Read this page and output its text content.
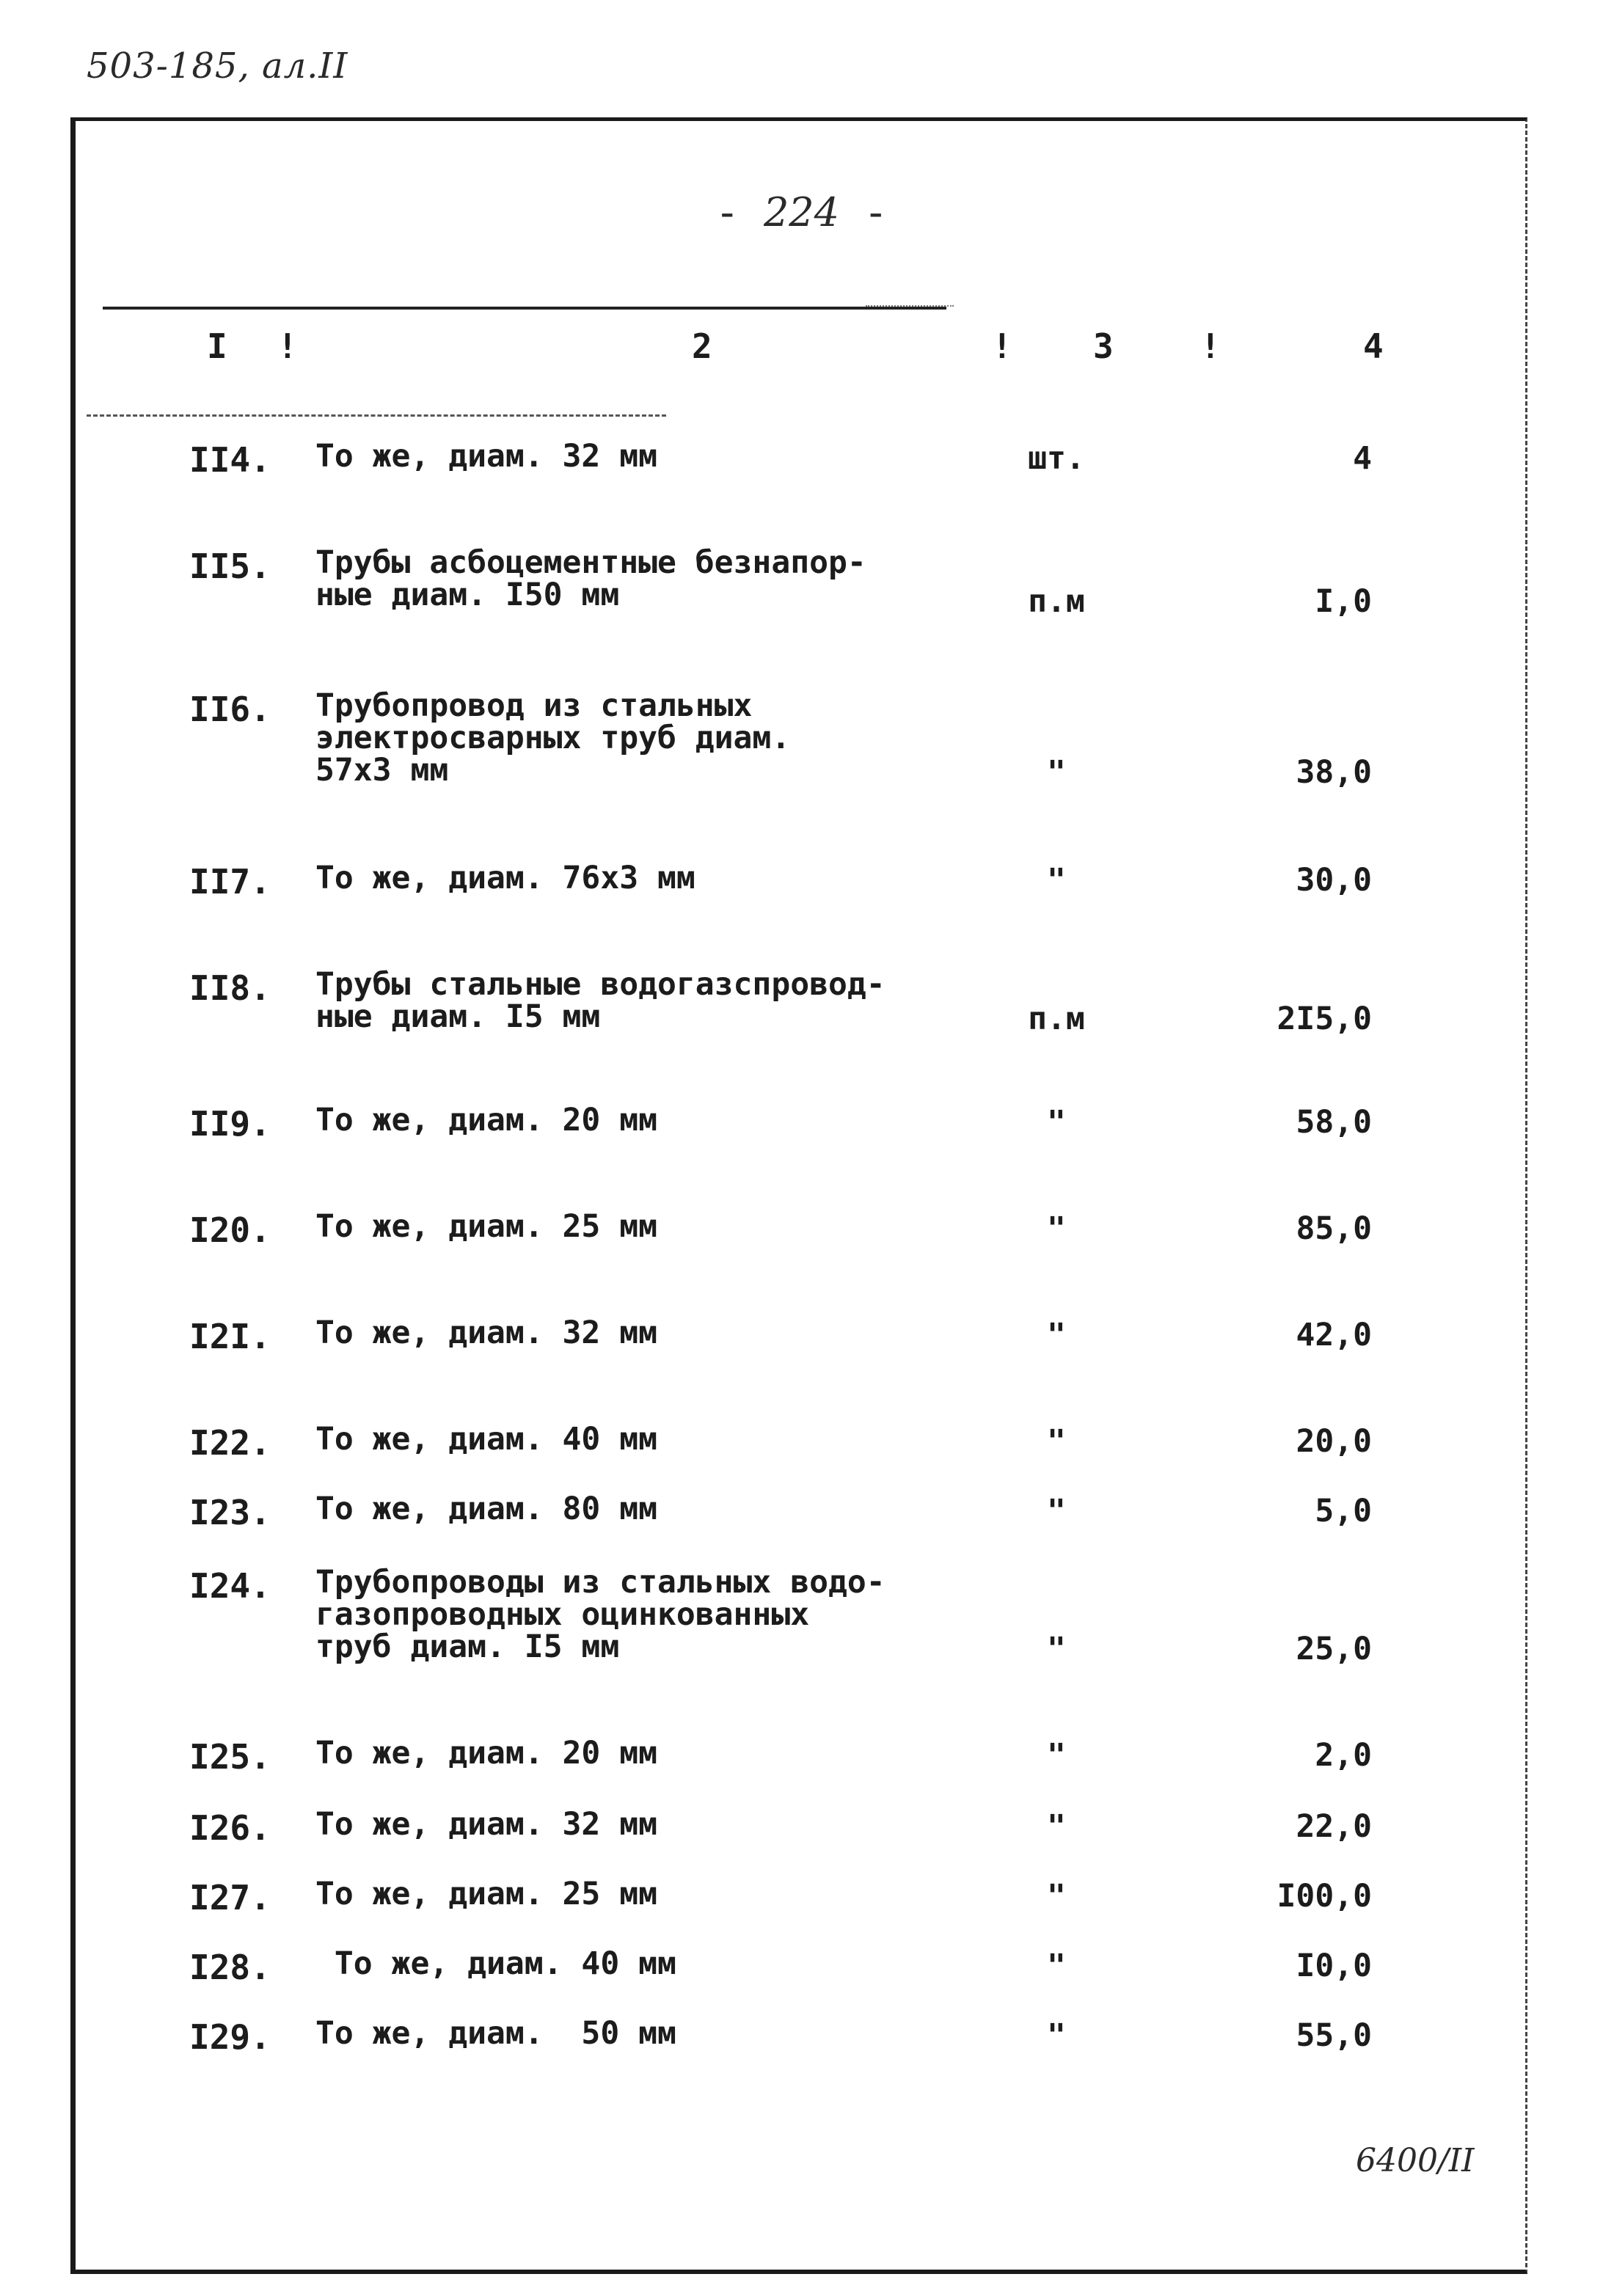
503-185, ал.II
- 224 -
I !	2	! 3	!	4
II4. То же, диам. 32 мм	шт.	4
II5. Трубы асбоцементные безнапор-
ные диам. I50 мм	п.м	I,0
II6. Трубопровод из стальных
электросварных труб диам.
57х3 мм	"	38,0
II7. То же, диам. 76х3 мм	"	30,0
II8. Трубы стальные водогазспровод-
ные диам. I5 мм	п.м	2I5,0
II9. То же, диам. 20 мм	"	58,0
I20. То же, диам. 25 мм	"	85,0
I2I. То же, диам. 32 мм	"	42,0
I22. То же, диам. 40 мм	"	20,0
I23. То же, диам. 80 мм	"	5,0
I24. Трубопроводы из стальных водо-
газопроводных оцинкованных
труб диам. I5 мм	"	25,0
I25. То же, диам. 20 мм	"	2,0
I26. То же, диам. 32 мм	"	22,0
I27. То же, диам. 25 мм	"	I00,0
I28. То же, диам. 40 мм	"	I0,0
I29. То же, диам.  50 мм	"	55,0
6400/II
